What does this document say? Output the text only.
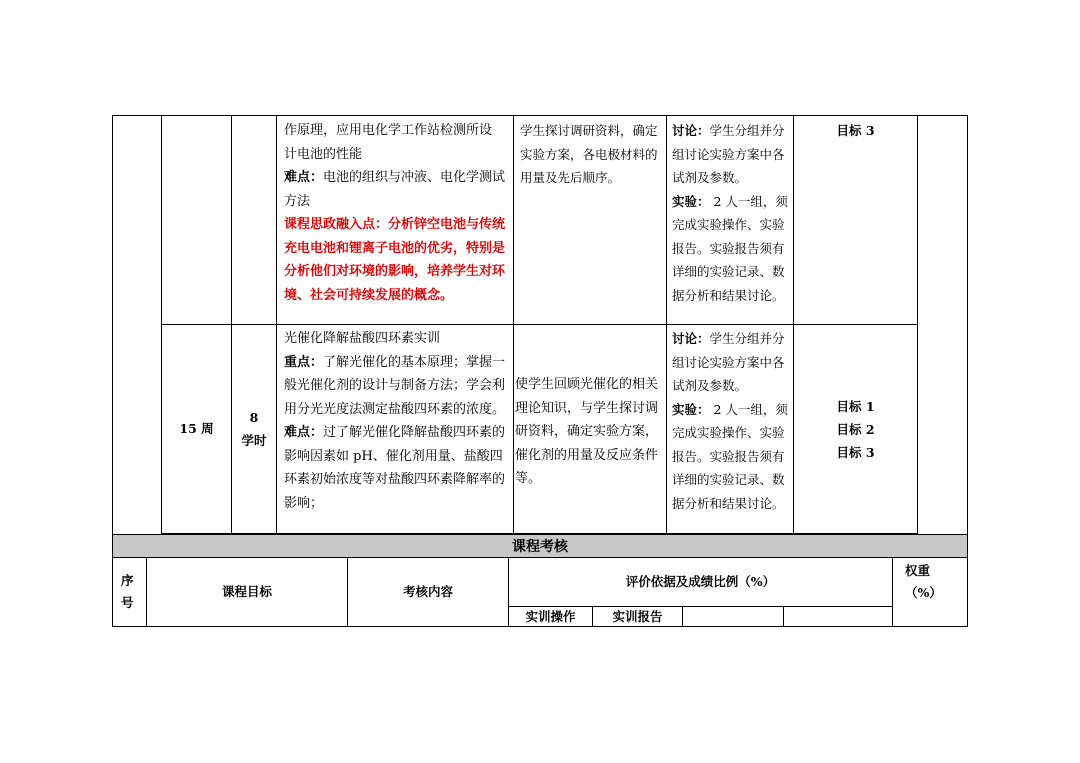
作原理，应用电化学工作站检测所设

计电池的性能

难点：电池的组织与冲液、电化学测试方法

课程思政融入点：分析锌空电池与传统充电电池和锂离子电池的优劣，特别是分析他们对环境的影响，培养学生对环境、社会可持续发展的概念。

学生探讨调研资料，确定实验方案，各电极材料的用量及先后顺序。

讨论：学生分组并分组讨论实验方案中各试剂及参数。

实验： 2 人一组，须完成实验操作、实验报告。实验报告须有详细的实验记录、数据分析和结果讨论。

目标 3

15 周
8
学时

光催化降解盐酸四环素实训

重点：了解光催化的基本原理；掌握一般光催化剂的设计与制备方法；学会利用分光光度法测定盐酸四环素的浓度。

难点：过了解光催化降解盐酸四环素的影响因素如 pH、催化剂用量、盐酸四环素初始浓度等对盐酸四环素降解率的影响；

使学生回顾光催化的相关理论知识，与学生探讨调研资料，确定实验方案，催化剂的用量及反应条件等。

讨论：学生分组并分组讨论实验方案中各试剂及参数。

实验： 2 人一组，须完成实验操作、实验报告。实验报告须有详细的实验记录、数据分析和结果讨论。

目标 1
目标 2
目标 3
课程考核
序号
课程目标	考核内容
评价依据及成绩比例（%）
实训操作	实训报告
权重（%）
